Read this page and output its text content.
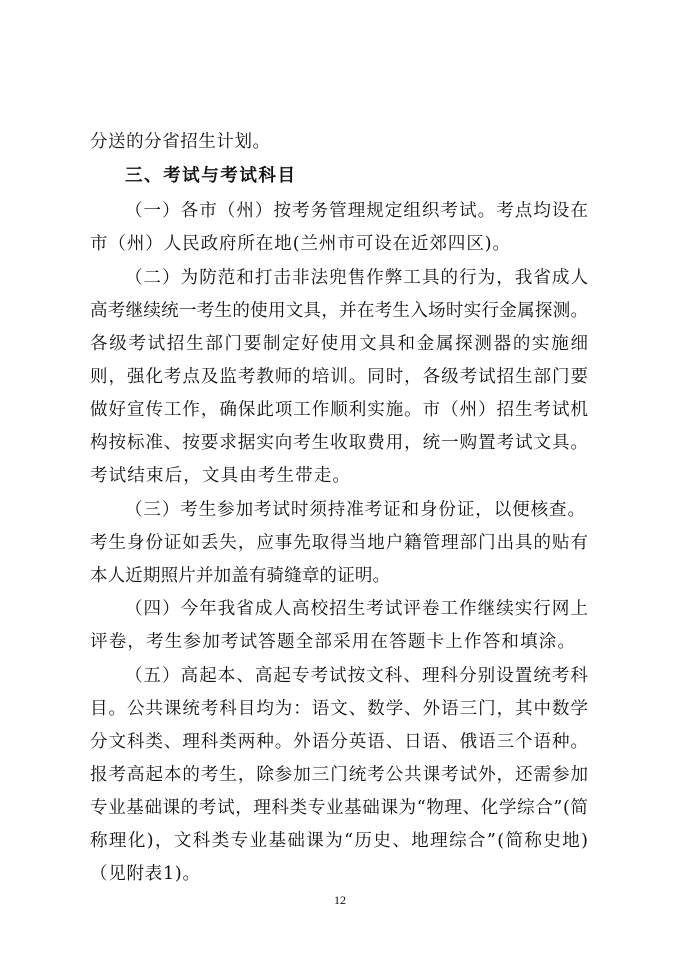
分送的分省招生计划。
三、考试与考试科目
（一）各市（州）按考务管理规定组织考试。考点均设在
市（州）人民政府所在地(兰州市可设在近郊四区)。
（二）为防范和打击非法兜售作弊工具的行为，我省成人
高考继续统一考生的使用文具，并在考生入场时实行金属探测。
各级考试招生部门要制定好使用文具和金属探测器的实施细
则，强化考点及监考教师的培训。同时，各级考试招生部门要
做好宣传工作，确保此项工作顺利实施。市（州）招生考试机
构按标准、按要求据实向考生收取费用，统一购置考试文具。
考试结束后，文具由考生带走。
（三）考生参加考试时须持准考证和身份证，以便核查。
考生身份证如丢失，应事先取得当地户籍管理部门出具的贴有
本人近期照片并加盖有骑缝章的证明。
（四）今年我省成人高校招生考试评卷工作继续实行网上
评卷，考生参加考试答题全部采用在答题卡上作答和填涂。
（五）高起本、高起专考试按文科、理科分别设置统考科
目。公共课统考科目均为：语文、数学、外语三门，其中数学
分文科类、理科类两种。外语分英语、日语、俄语三个语种。
报考高起本的考生，除参加三门统考公共课考试外，还需参加
专业基础课的考试，理科类专业基础课为“物理、化学综合”(简
称理化)，文科类专业基础课为“历史、地理综合”(简称史地)
（见附表1)。
12
